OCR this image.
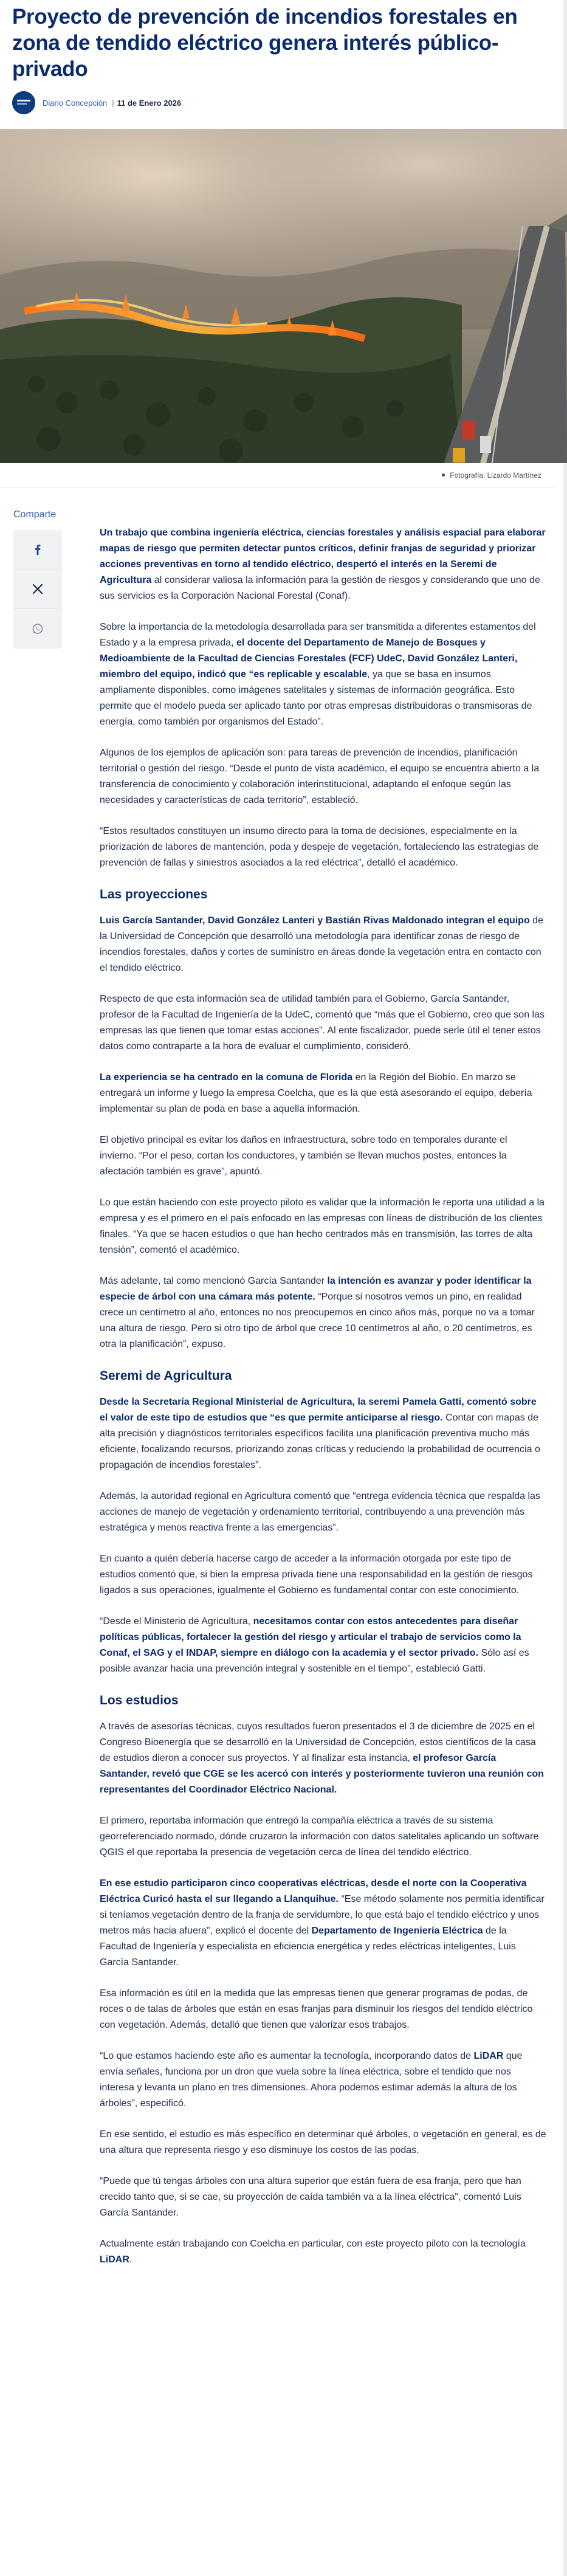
Proyecto de prevención de incendios forestales en zona de tendido eléctrico genera interés público-privado
Diario Concepción | 11 de Enero 2026
Fotografía: Lizardo Martínez
Comparte

Un trabajo que combina ingeniería eléctrica, ciencias forestales y análisis espacial para elaborar mapas de riesgo que permiten detectar puntos críticos, definir franjas de seguridad y priorizar acciones preventivas en torno al tendido eléctrico, despertó el interés en la Seremi de Agricultura al considerar valiosa la información para la gestión de riesgos y considerando que uno de sus servicios es la Corporación Nacional Forestal (Conaf).

Sobre la importancia de la metodología desarrollada para ser transmitida a diferentes estamentos del Estado y a la empresa privada, el docente del Departamento de Manejo de Bosques y Medioambiente de la Facultad de Ciencias Forestales (FCF) UdeC, David González Lanteri, miembro del equipo, indicó que “es replicable y escalable, ya que se basa en insumos ampliamente disponibles, como imágenes satelitales y sistemas de información geográfica. Esto permite que el modelo pueda ser aplicado tanto por otras empresas distribuidoras o transmisoras de energía, como también por organismos del Estado”.

Algunos de los ejemplos de aplicación son: para tareas de prevención de incendios, planificación territorial o gestión del riesgo. “Desde el punto de vista académico, el equipo se encuentra abierto a la transferencia de conocimiento y colaboración interinstitucional, adaptando el enfoque según las necesidades y características de cada territorio”, estableció.

“Estos resultados constituyen un insumo directo para la toma de decisiones, especialmente en la priorización de labores de mantención, poda y despeje de vegetación, fortaleciendo las estrategias de prevención de fallas y siniestros asociados a la red eléctrica”, detalló el académico.

Las proyecciones

Luis García Santander, David González Lanteri y Bastián Rivas Maldonado integran el equipo de la Universidad de Concepción que desarrolló una metodología para identificar zonas de riesgo de incendios forestales, daños y cortes de suministro en áreas donde la vegetación entra en contacto con el tendido eléctrico.

Respecto de que esta información sea de utilidad también para el Gobierno, García Santander, profesor de la Facultad de Ingeniería de la UdeC, comentó que “más que el Gobierno, creo que son las empresas las que tienen que tomar estas acciones”. Al ente fiscalizador, puede serle útil el tener estos datos como contraparte a la hora de evaluar el cumplimiento, consideró.

La experiencia se ha centrado en la comuna de Florida en la Región del Biobío. En marzo se entregará un informe y luego la empresa Coelcha, que es la que está asesorando el equipo, debería implementar su plan de poda en base a aquella información.

El objetivo principal es evitar los daños en infraestructura, sobre todo en temporales durante el invierno. “Por el peso, cortan los conductores, y también se llevan muchos postes, entonces la afectación también es grave”, apuntó.

Lo que están haciendo con este proyecto piloto es validar que la información le reporta una utilidad a la empresa y es el primero en el país enfocado en las empresas con líneas de distribución de los clientes finales. “Ya que se hacen estudios o que han hecho centrados más en transmisión, las torres de alta tensión”, comentó el académico.

Más adelante, tal como mencionó García Santander la intención es avanzar y poder identificar la especie de árbol con una cámara más potente. “Porque si nosotros vemos un pino, en realidad crece un centímetro al año, entonces no nos preocupemos en cinco años más, porque no va a tomar una altura de riesgo. Pero si otro tipo de árbol que crece 10 centímetros al año, o 20 centímetros, es otra la planificación”, expuso.

Seremi de Agricultura

Desde la Secretaría Regional Ministerial de Agricultura, la seremi Pamela Gatti, comentó sobre el valor de este tipo de estudios que “es que permite anticiparse al riesgo. Contar con mapas de alta precisión y diagnósticos territoriales específicos facilita una planificación preventiva mucho más eficiente, focalizando recursos, priorizando zonas críticas y reduciendo la probabilidad de ocurrencia o propagación de incendios forestales”.

Además, la autoridad regional en Agricultura comentó que “entrega evidencia técnica que respalda las acciones de manejo de vegetación y ordenamiento territorial, contribuyendo a una prevención más estratégica y menos reactiva frente a las emergencias”.

En cuanto a quién debería hacerse cargo de acceder a la información otorgada por este tipo de estudios comentó que, si bien la empresa privada tiene una responsabilidad en la gestión de riesgos ligados a sus operaciones, igualmente el Gobierno es fundamental contar con este conocimiento.

“Desde el Ministerio de Agricultura, necesitamos contar con estos antecedentes para diseñar políticas públicas, fortalecer la gestión del riesgo y articular el trabajo de servicios como la Conaf, el SAG y el INDAP, siempre en diálogo con la academia y el sector privado. Sólo así es posible avanzar hacia una prevención integral y sostenible en el tiempo”, estableció Gatti.

Los estudios

A través de asesorías técnicas, cuyos resultados fueron presentados el 3 de diciembre de 2025 en el Congreso Bioenergía que se desarrolló en la Universidad de Concepción, estos científicos de la casa de estudios dieron a conocer sus proyectos. Y al finalizar esta instancia, el profesor García Santander, reveló que CGE se les acercó con interés y posteriormente tuvieron una reunión con representantes del Coordinador Eléctrico Nacional.

El primero, reportaba información que entregó la compañía eléctrica a través de su sistema georreferenciado normado, dónde cruzaron la información con datos satelitales aplicando un software QGIS el que reportaba la presencia de vegetación cerca de línea del tendido eléctrico.

En ese estudio participaron cinco cooperativas eléctricas, desde el norte con la Cooperativa Eléctrica Curicó hasta el sur llegando a Llanquihue. “Ese método solamente nos permitía identificar si teníamos vegetación dentro de la franja de servidumbre, lo que está bajo el tendido eléctrico y unos metros más hacia afuera”, explicó el docente del Departamento de Ingeniería Eléctrica de la Facultad de Ingeniería y especialista en eficiencia energética y redes eléctricas inteligentes, Luis García Santander.

Esa información es útil en la medida que las empresas tienen que generar programas de podas, de roces o de talas de árboles que están en esas franjas para disminuir los riesgos del tendido eléctrico con vegetación. Además, detalló que tienen que valorizar esos trabajos.

“Lo que estamos haciendo este año es aumentar la tecnología, incorporando datos de LiDAR que envía señales, funciona por un dron que vuela sobre la línea eléctrica, sobre el tendido que nos interesa y levanta un plano en tres dimensiones. Ahora podemos estimar además la altura de los árboles”, especificó.

En ese sentido, el estudio es más específico en determinar qué árboles, o vegetación en general, es de una altura que representa riesgo y eso disminuye los costos de las podas.

“Puede que tú tengas árboles con una altura superior que están fuera de esa franja, pero que han crecido tanto que, si se cae, su proyección de caída también va a la línea eléctrica”, comentó Luis García Santander.

Actualmente están trabajando con Coelcha en particular, con este proyecto piloto con la tecnología LiDAR.
